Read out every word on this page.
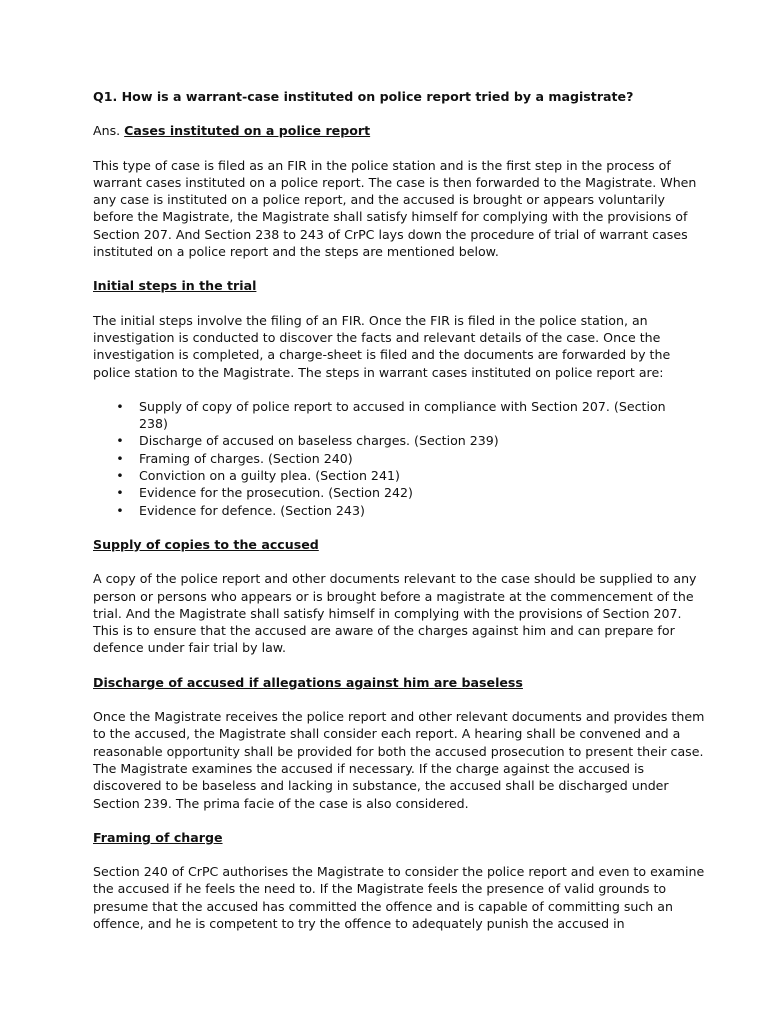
Q1. How is a warrant-case instituted on police report tried by a magistrate?

Ans. Cases instituted on a police report

This type of case is filed as an FIR in the police station and is the first step in the process of warrant cases instituted on a police report. The case is then forwarded to the Magistrate. When any case is instituted on a police report, and the accused is brought or appears voluntarily before the Magistrate, the Magistrate shall satisfy himself for complying with the provisions of Section 207. And Section 238 to 243 of CrPC lays down the procedure of trial of warrant cases instituted on a police report and the steps are mentioned below.

Initial steps in the trial

The initial steps involve the filing of an FIR. Once the FIR is filed in the police station, an investigation is conducted to discover the facts and relevant details of the case. Once the investigation is completed, a charge-sheet is filed and the documents are forwarded by the police station to the Magistrate. The steps in warrant cases instituted on police report are:

• Supply of copy of police report to accused in compliance with Section 207. (Section 238)
• Discharge of accused on baseless charges. (Section 239)
• Framing of charges. (Section 240)
• Conviction on a guilty plea. (Section 241)
• Evidence for the prosecution. (Section 242)
• Evidence for defence. (Section 243)

Supply of copies to the accused

A copy of the police report and other documents relevant to the case should be supplied to any person or persons who appears or is brought before a magistrate at the commencement of the trial. And the Magistrate shall satisfy himself in complying with the provisions of Section 207. This is to ensure that the accused are aware of the charges against him and can prepare for defence under fair trial by law.

Discharge of accused if allegations against him are baseless

Once the Magistrate receives the police report and other relevant documents and provides them to the accused, the Magistrate shall consider each report. A hearing shall be convened and a reasonable opportunity shall be provided for both the accused prosecution to present their case. The Magistrate examines the accused if necessary. If the charge against the accused is discovered to be baseless and lacking in substance, the accused shall be discharged under Section 239. The prima facie of the case is also considered.

Framing of charge

Section 240 of CrPC authorises the Magistrate to consider the police report and even to examine the accused if he feels the need to. If the Magistrate feels the presence of valid grounds to presume that the accused has committed the offence and is capable of committing such an offence, and he is competent to try the offence to adequately punish the accused in
